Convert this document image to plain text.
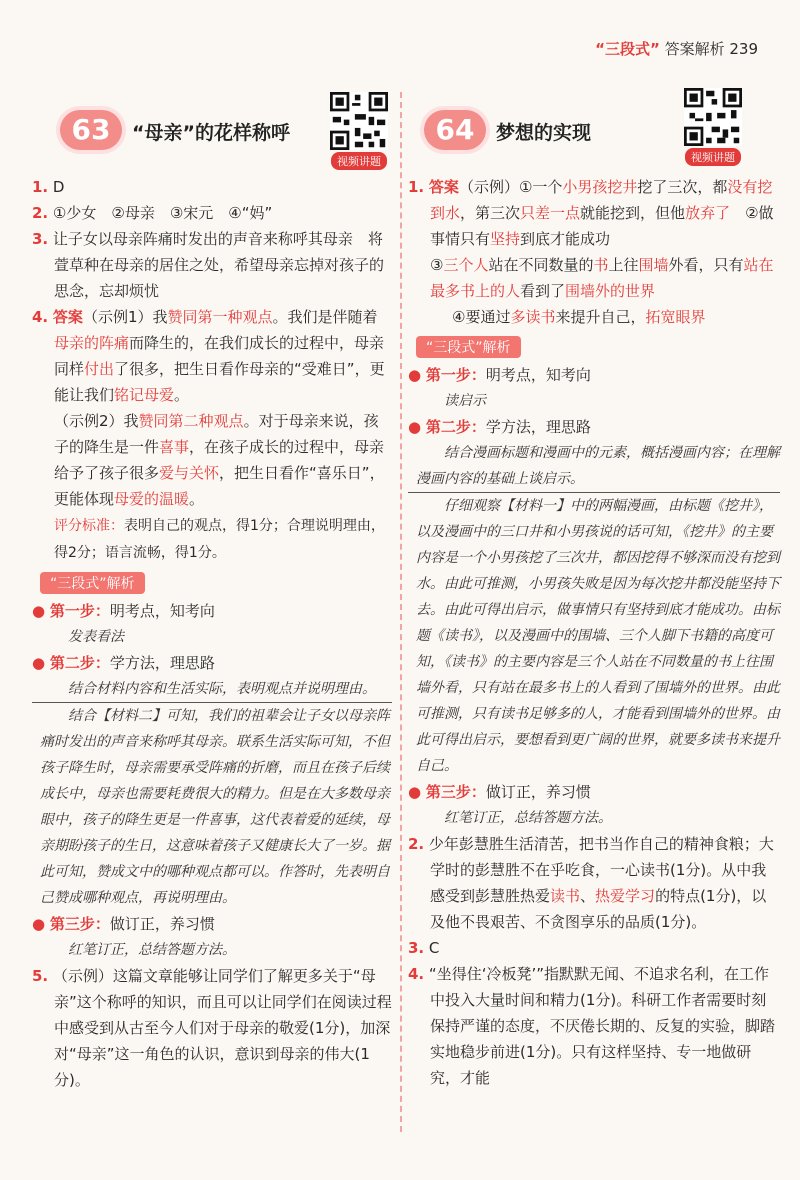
“三段式” 答案解析 239
63	“母亲”的花样称呼
视频讲题

1. D

2. ①少女　②母亲　③宋元　④“妈”

3. 让子女以母亲阵痛时发出的声音来称呼其母亲　将萱草种在母亲的居住之处，希望母亲忘掉对孩子的思念，忘却烦忧

4. 答案（示例1）我赞同第一种观点。我们是伴随着母亲的阵痛而降生的，在我们成长的过程中，母亲同样付出了很多，把生日看作母亲的“受难日”，更能让我们铭记母爱。

（示例2）我赞同第二种观点。对于母亲来说，孩子的降生是一件喜事，在孩子成长的过程中，母亲给予了孩子很多爱与关怀，把生日看作“喜乐日”，更能体现母爱的温暖。

评分标准：表明自己的观点，得1分；合理说明理由，得2分；语言流畅，得1分。

“三段式”解析

● 第一步：明考点，知考向

发表看法

● 第二步：学方法，理思路

结合材料内容和生活实际，表明观点并说明理由。

结合【材料二】可知，我们的祖辈会让子女以母亲阵痛时发出的声音来称呼其母亲。联系生活实际可知，不但孩子降生时，母亲需要承受阵痛的折磨，而且在孩子后续成长中，母亲也需要耗费很大的精力。但是在大多数母亲眼中，孩子的降生更是一件喜事，这代表着爱的延续，母亲期盼孩子的生日，这意味着孩子又健康长大了一岁。据此可知，赞成文中的哪种观点都可以。作答时，先表明自己赞成哪种观点，再说明理由。

● 第三步：做订正，养习惯

红笔订正，总结答题方法。

5. （示例）这篇文章能够让同学们了解更多关于“母亲”这个称呼的知识，而且可以让同学们在阅读过程中感受到从古至今人们对于母亲的敬爱(1分)，加深对“母亲”这一角色的认识，意识到母亲的伟大(1分)。

64	梦想的实现
视频讲题

1. 答案（示例）①一个小男孩挖井挖了三次，都没有挖到水，第三次只差一点就能挖到，但他放弃了　②做事情只有坚持到底才能成功

③三个人站在不同数量的书上往围墙外看，只有站在最多书上的人看到了围墙外的世界

④要通过多读书来提升自己，拓宽眼界

“三段式”解析

● 第一步：明考点，知考向

读启示

● 第二步：学方法，理思路

结合漫画标题和漫画中的元素，概括漫画内容；在理解漫画内容的基础上谈启示。

仔细观察【材料一】中的两幅漫画，由标题《挖井》，以及漫画中的三口井和小男孩说的话可知，《挖井》的主要内容是一个小男孩挖了三次井，都因挖得不够深而没有挖到水。由此可推测，小男孩失败是因为每次挖井都没能坚持下去。由此可得出启示，做事情只有坚持到底才能成功。由标题《读书》，以及漫画中的围墙、三个人脚下书籍的高度可知，《读书》的主要内容是三个人站在不同数量的书上往围墙外看，只有站在最多书上的人看到了围墙外的世界。由此可推测，只有读书足够多的人，才能看到围墙外的世界。由此可得出启示，要想看到更广阔的世界，就要多读书来提升自己。

● 第三步：做订正，养习惯

红笔订正，总结答题方法。

2. 少年彭慧胜生活清苦，把书当作自己的精神食粮；大学时的彭慧胜不在乎吃食，一心读书(1分)。从中我感受到彭慧胜热爱读书、热爱学习的特点(1分)，以及他不畏艰苦、不贪图享乐的品质(1分)。

3. C

4. “坐得住‘冷板凳’”指默默无闻、不追求名利，在工作中投入大量时间和精力(1分)。科研工作者需要时刻保持严谨的态度，不厌倦长期的、反复的实验，脚踏实地稳步前进(1分)。只有这样坚持、专一地做研究，才能
